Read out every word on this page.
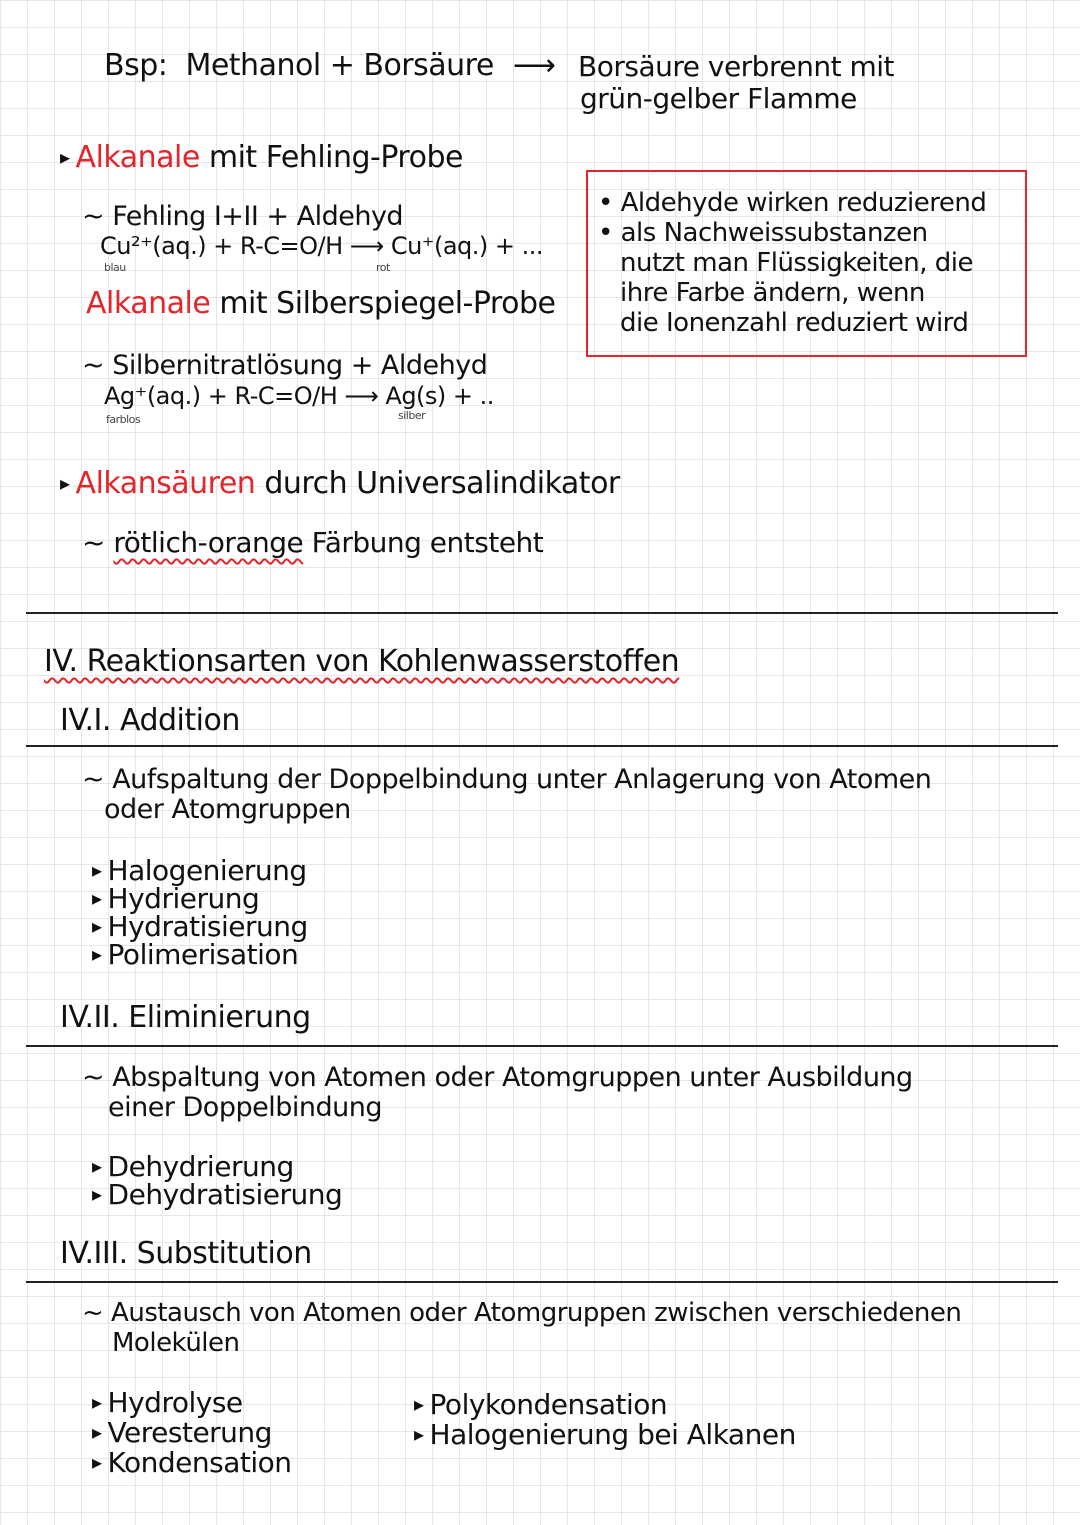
Bsp: Methanol + Borsäure ⟶ Borsäure verbrennt mit
grün-gelber Flamme
▸ Alkanale mit Fehling-Probe
~ Fehling I+II + Aldehyd
Cu²⁺(aq.) + R-C=O/H ⟶ Cu⁺(aq.) + ...
blau	rot
Alkanale mit Silberspiegel-Probe
~ Silbernitratlösung + Aldehyd
Ag⁺(aq.) + R-C=O/H ⟶ Ag(s) + ..
farblos	silber
• Aldehyde wirken reduzierend
• als Nachweissubstanzen
nutzt man Flüssigkeiten, die
ihre Farbe ändern, wenn
die Ionenzahl reduziert wird
▸ Alkansäuren durch Universalindikator
~ rötlich-orange Färbung entsteht
IV. Reaktionsarten von Kohlenwasserstoffen
IV.I. Addition
~ Aufspaltung der Doppelbindung unter Anlagerung von Atomen
oder Atomgruppen
▸ Halogenierung
▸ Hydrierung
▸ Hydratisierung
▸ Polimerisation
IV.II. Eliminierung
~ Abspaltung von Atomen oder Atomgruppen unter Ausbildung
einer Doppelbindung
▸ Dehydrierung
▸ Dehydratisierung
IV.III. Substitution
~ Austausch von Atomen oder Atomgruppen zwischen verschiedenen
Molekülen
▸ Hydrolyse
▸ Veresterung
▸ Kondensation
▸ Polykondensation
▸ Halogenierung bei Alkanen
